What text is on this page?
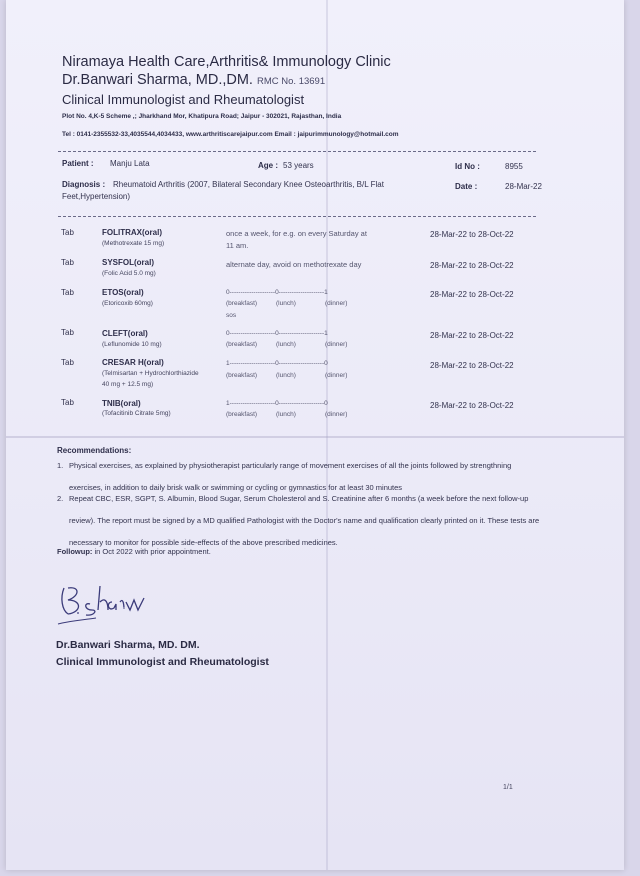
Niramaya Health Care,Arthritis& Immunology Clinic
Dr.Banwari Sharma, MD.,DM. RMC No. 13691
Clinical Immunologist and Rheumatologist
Plot No. 4,K-5 Scheme ,; Jharkhand Mor, Khatipura Road; Jaipur - 302021, Rajasthan, India
Tel : 0141-2355532-33,4035544,4034433, www.arthritiscarejaipur.com Email : jaipurimmunology@hotmail.com
Patient : Manju Lata	Age : 53 years	Id No :	8955
Diagnosis : Rheumatoid Arthritis (2007, Bilateral Secondary Knee Osteoarthritis, B/L Flat
Feet,Hypertension)
Date :	28-Mar-22
Tab	FOLITRAX(oral)
(Methotrexate 15 mg)
once a week, for e.g. on every Saturday at
11 am.
28-Mar-22 to 28-Oct-22
Tab	SYSFOL(oral)
(Folic Acid 5.0 mg)
alternate day, avoid on methotrexate day	28-Mar-22 to 28-Oct-22
Tab	ETOS(oral)
(Etoricoxib 60mg)
0---------------------0---------------------1
(breakfast)	(lunch)	(dinner)
sos
28-Mar-22 to 28-Oct-22
Tab	CLEFT(oral)
(Leflunomide 10 mg)
0---------------------0---------------------1
(breakfast)	(lunch)	(dinner)
28-Mar-22 to 28-Oct-22
Tab	CRESAR H(oral)
(Telmisartan + Hydrochlorthiazide
40 mg + 12.5 mg)
1---------------------0---------------------0
(breakfast)	(lunch)	(dinner)
28-Mar-22 to 28-Oct-22
Tab	TNIB(oral)
(Tofacitinib Citrate 5mg)
1---------------------0---------------------0
(breakfast)	(lunch)	(dinner)
28-Mar-22 to 28-Oct-22
Recommendations:
1. Physical exercises, as explained by physiotherapist particularly range of movement exercises of all the joints followed by strengthning exercises, in addition to daily brisk walk or swimming or cycling or gymnastics for at least 30 minutes
2. Repeat CBC, ESR, SGPT, S. Albumin, Blood Sugar, Serum Cholesterol and S. Creatinine after 6 months (a week before the next follow-up review). The report must be signed by a MD qualified Pathologist with the Doctor's name and qualification clearly printed on it. These tests are necessary to monitor for possible side-effects of the above prescribed medicines.
Followup: in Oct 2022 with prior appointment.
Dr.Banwari Sharma, MD. DM.
Clinical Immunologist and Rheumatologist
1/1
